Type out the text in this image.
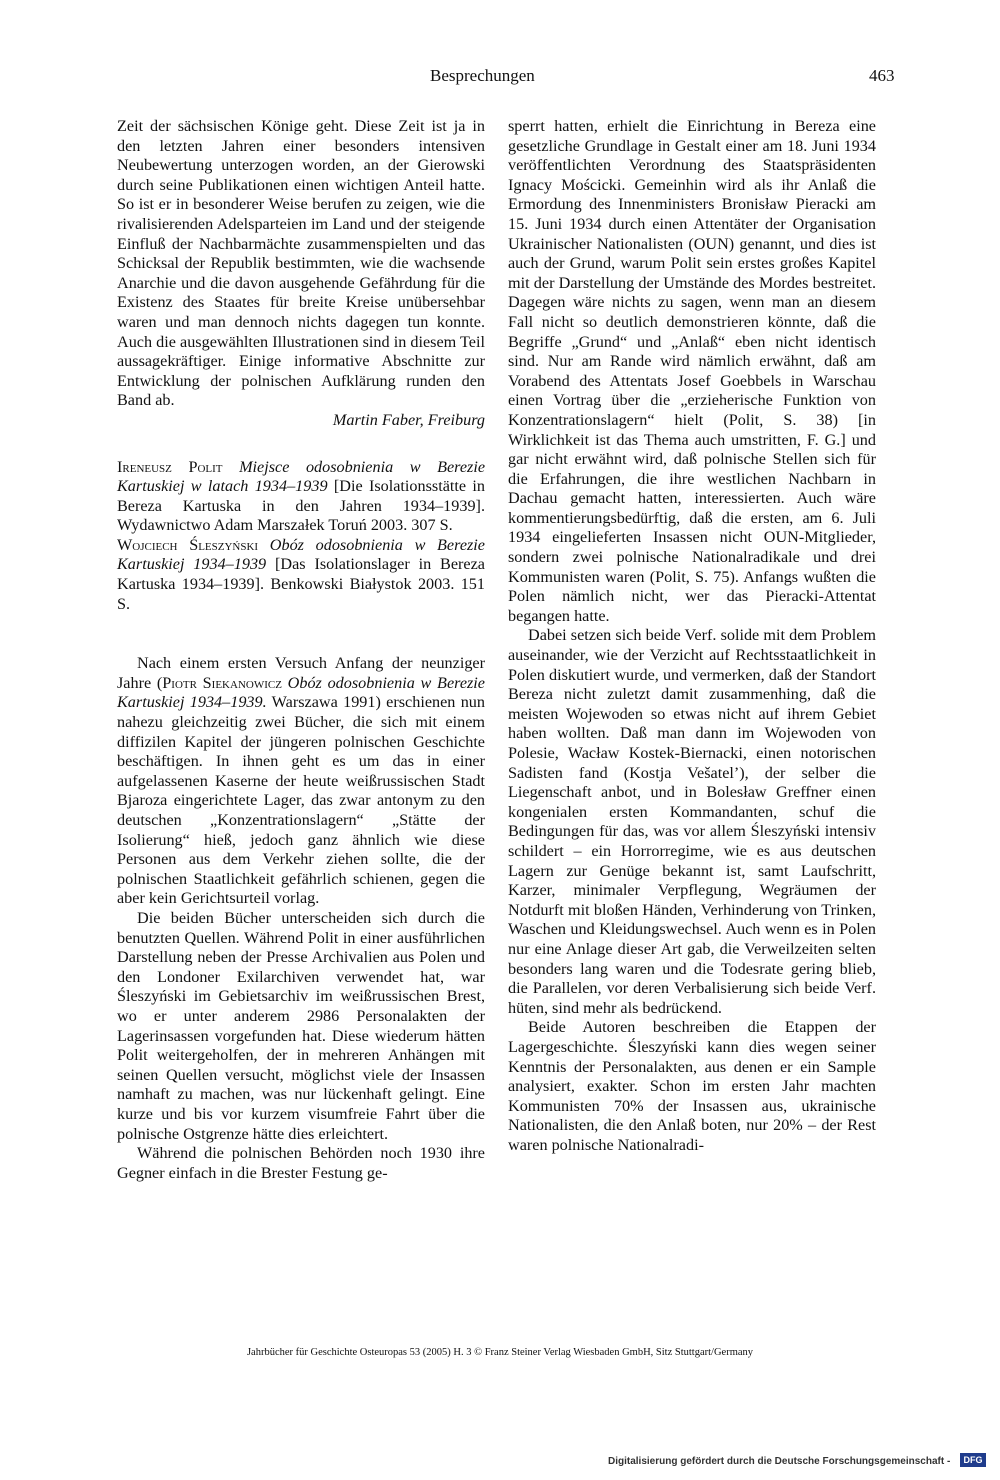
Besprechungen	463

Zeit der sächsischen Könige geht. Diese Zeit ist ja in den letzten Jahren einer besonders intensiven Neubewertung unterzogen worden, an der Gierowski durch seine Publikationen einen wichtigen Anteil hatte. So ist er in besonderer Weise berufen zu zeigen, wie die rivalisierenden Adelsparteien im Land und der steigende Einfluß der Nachbarmächte zusammenspielten und das Schicksal der Republik bestimmten, wie die wachsende Anarchie und die davon ausgehende Gefährdung für die Existenz des Staates für breite Kreise unübersehbar waren und man dennoch nichts dagegen tun konnte. Auch die ausgewählten Illustrationen sind in diesem Teil aussagekräftiger. Einige informative Abschnitte zur Entwicklung der polnischen Aufklärung runden den Band ab.

Martin Faber, Freiburg

Ireneusz Polit Miejsce odosobnienia w Berezie Kartuskiej w latach 1934–1939 [Die Isolationsstätte in Bereza Kartuska in den Jahren 1934–1939]. Wydawnictwo Adam Marszałek Toruń 2003. 307 S.

Wojciech Śleszyński Obóz odosobnienia w Berezie Kartuskiej 1934–1939 [Das Isolationslager in Bereza Kartuska 1934–1939]. Benkowski Białystok 2003. 151 S.

Nach einem ersten Versuch Anfang der neunziger Jahre (Piotr Siekanowicz Obóz odosobnienia w Berezie Kartuskiej 1934–1939. Warszawa 1991) erschienen nun nahezu gleichzeitig zwei Bücher, die sich mit einem diffizilen Kapitel der jüngeren polnischen Geschichte beschäftigen. In ihnen geht es um das in einer aufgelassenen Kaserne der heute weißrussischen Stadt Bjaroza eingerichtete Lager, das zwar antonym zu den deutschen „Konzentrationslagern“ „Stätte der Isolierung“ hieß, jedoch ganz ähnlich wie diese Personen aus dem Verkehr ziehen sollte, die der polnischen Staatlichkeit gefährlich schienen, gegen die aber kein Gerichtsurteil vorlag.

Die beiden Bücher unterscheiden sich durch die benutzten Quellen. Während Polit in einer ausführlichen Darstellung neben der Presse Archivalien aus Polen und den Londoner Exilarchiven verwendet hat, war Śleszyński im Gebietsarchiv im weißrussischen Brest, wo er unter anderem 2986 Personalakten der Lagerinsassen vorgefunden hat. Diese wiederum hätten Polit weitergeholfen, der in mehreren Anhängen mit seinen Quellen versucht, möglichst viele der Insassen namhaft zu machen, was nur lückenhaft gelingt. Eine kurze und bis vor kurzem visumfreie Fahrt über die polnische Ostgrenze hätte dies erleichtert.

Während die polnischen Behörden noch 1930 ihre Gegner einfach in die Brester Festung ge-

sperrt hatten, erhielt die Einrichtung in Bereza eine gesetzliche Grundlage in Gestalt einer am 18. Juni 1934 veröffentlichten Verordnung des Staatspräsidenten Ignacy Mościcki. Gemeinhin wird als ihr Anlaß die Ermordung des Innenministers Bronisław Pieracki am 15. Juni 1934 durch einen Attentäter der Organisation Ukrainischer Nationalisten (OUN) genannt, und dies ist auch der Grund, warum Polit sein erstes großes Kapitel mit der Darstellung der Umstände des Mordes bestreitet. Dagegen wäre nichts zu sagen, wenn man an diesem Fall nicht so deutlich demonstrieren könnte, daß die Begriffe „Grund“ und „Anlaß“ eben nicht identisch sind. Nur am Rande wird nämlich erwähnt, daß am Vorabend des Attentats Josef Goebbels in Warschau einen Vortrag über die „erzieherische Funktion von Konzentrationslagern“ hielt (Polit, S. 38) [in Wirklichkeit ist das Thema auch umstritten, F. G.] und gar nicht erwähnt wird, daß polnische Stellen sich für die Erfahrungen, die ihre westlichen Nachbarn in Dachau gemacht hatten, interessierten. Auch wäre kommentierungsbedürftig, daß die ersten, am 6. Juli 1934 eingelieferten Insassen nicht OUN-Mitglieder, sondern zwei polnische Nationalradikale und drei Kommunisten waren (Polit, S. 75). Anfangs wußten die Polen nämlich nicht, wer das Pieracki-Attentat begangen hatte.

Dabei setzen sich beide Verf. solide mit dem Problem auseinander, wie der Verzicht auf Rechtsstaatlichkeit in Polen diskutiert wurde, und vermerken, daß der Standort Bereza nicht zuletzt damit zusammenhing, daß die meisten Wojewoden so etwas nicht auf ihrem Gebiet haben wollten. Daß man dann im Wojewoden von Polesie, Wacław Kostek-Biernacki, einen notorischen Sadisten fand (Kostja Vešatel’), der selber die Liegenschaft anbot, und in Bolesław Greffner einen kongenialen ersten Kommandanten, schuf die Bedingungen für das, was vor allem Śleszyński intensiv schildert – ein Horrorregime, wie es aus deutschen Lagern zur Genüge bekannt ist, samt Laufschritt, Karzer, minimaler Verpflegung, Wegräumen der Notdurft mit bloßen Händen, Verhinderung von Trinken, Waschen und Kleidungswechsel. Auch wenn es in Polen nur eine Anlage dieser Art gab, die Verweilzeiten selten besonders lang waren und die Todesrate gering blieb, die Parallelen, vor deren Verbalisierung sich beide Verf. hüten, sind mehr als bedrückend.

Beide Autoren beschreiben die Etappen der Lagergeschichte. Śleszyński kann dies wegen seiner Kenntnis der Personalakten, aus denen er ein Sample analysiert, exakter. Schon im ersten Jahr machten Kommunisten 70% der Insassen aus, ukrainische Nationalisten, die den Anlaß boten, nur 20% – der Rest waren polnische Nationalradi-

Jahrbücher für Geschichte Osteuropas 53 (2005) H. 3 © Franz Steiner Verlag Wiesbaden GmbH, Sitz Stuttgart/Germany
Digitalisierung gefördert durch die Deutsche Forschungsgemeinschaft -	DFG
